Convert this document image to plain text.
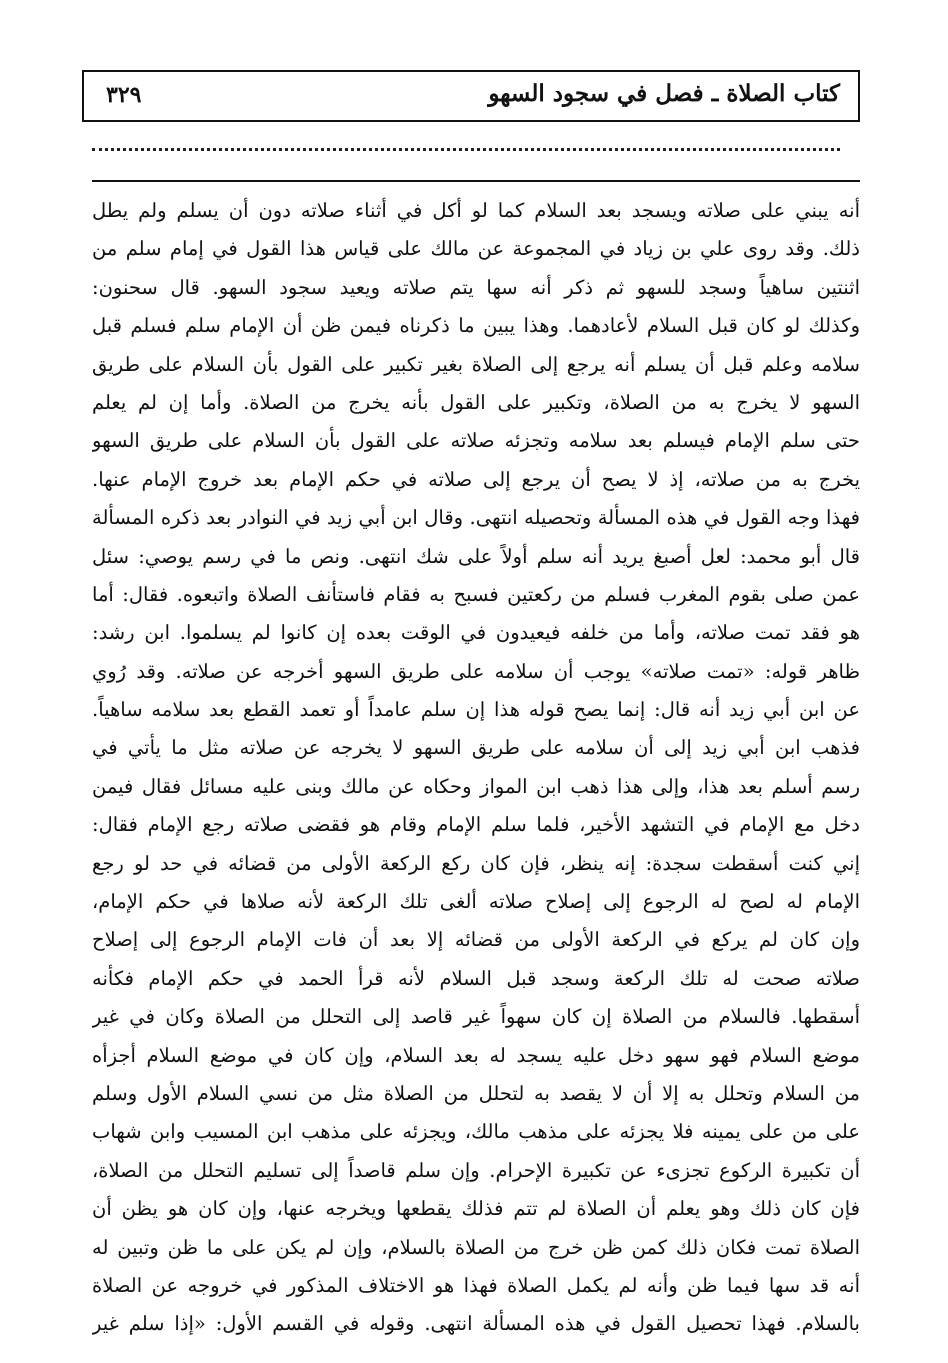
كتاب الصلاة ـ فصل في سجود السهو
٣٢٩
أنه يبني على صلاته ويسجد بعد السلام كما لو أكل في أثناء صلاته دون أن يسلم ولم يطل
ذلك. وقد روى علي بن زياد في المجموعة عن مالك على قياس هذا القول في إمام سلم من
اثنتين ساهياً وسجد للسهو ثم ذكر أنه سها يتم صلاته ويعيد سجود السهو. قال سحنون:
وكذلك لو كان قبل السلام لأعادهما. وهذا يبين ما ذكرناه فيمن ظن أن الإمام سلم فسلم قبل
سلامه وعلم قبل أن يسلم أنه يرجع إلى الصلاة بغير تكبير على القول بأن السلام على طريق
السهو لا يخرج به من الصلاة، وتكبير على القول بأنه يخرج من الصلاة. وأما إن لم يعلم
حتى سلم الإمام فيسلم بعد سلامه وتجزئه صلاته على القول بأن السلام على طريق السهو
يخرج به من صلاته، إذ لا يصح أن يرجع إلى صلاته في حكم الإمام بعد خروج الإمام عنها.
فهذا وجه القول في هذه المسألة وتحصيله انتهى. وقال ابن أبي زيد في النوادر بعد ذكره المسألة
قال أبو محمد: لعل أصبغ يريد أنه سلم أولاً على شك انتهى. ونص ما في رسم يوصي: سئل
عمن صلى بقوم المغرب فسلم من ركعتين فسبح به فقام فاستأنف الصلاة واتبعوه. فقال: أما
هو فقد تمت صلاته، وأما من خلفه فيعيدون في الوقت بعده إن كانوا لم يسلموا. ابن رشد:
ظاهر قوله: «تمت صلاته» يوجب أن سلامه على طريق السهو أخرجه عن صلاته. وقد رُوي
عن ابن أبي زيد أنه قال: إنما يصح قوله هذا إن سلم عامداً أو تعمد القطع بعد سلامه ساهياً.
فذهب ابن أبي زيد إلى أن سلامه على طريق السهو لا يخرجه عن صلاته مثل ما يأتي في
رسم أسلم بعد هذا، وإلى هذا ذهب ابن المواز وحكاه عن مالك وبنى عليه مسائل فقال فيمن
دخل مع الإمام في التشهد الأخير، فلما سلم الإمام وقام هو فقضى صلاته رجع الإمام فقال:
إني كنت أسقطت سجدة: إنه ينظر، فإن كان ركع الركعة الأولى من قضائه في حد لو رجع
الإمام له لصح له الرجوع إلى إصلاح صلاته ألغى تلك الركعة لأنه صلاها في حكم الإمام،
وإن كان لم يركع في الركعة الأولى من قضائه إلا بعد أن فات الإمام الرجوع إلى إصلاح
صلاته صحت له تلك الركعة وسجد قبل السلام لأنه قرأ الحمد في حكم الإمام فكأنه
أسقطها. فالسلام من الصلاة إن كان سهواً غير قاصد إلى التحلل من الصلاة وكان في غير
موضع السلام فهو سهو دخل عليه يسجد له بعد السلام، وإن كان في موضع السلام أجزأه
من السلام وتحلل به إلا أن لا يقصد به لتحلل من الصلاة مثل من نسي السلام الأول وسلم
على من على يمينه فلا يجزئه على مذهب مالك، ويجزئه على مذهب ابن المسيب وابن شهاب
أن تكبيرة الركوع تجزىء عن تكبيرة الإحرام. وإن سلم قاصداً إلى تسليم التحلل من الصلاة،
فإن كان ذلك وهو يعلم أن الصلاة لم تتم فذلك يقطعها ويخرجه عنها، وإن كان هو يظن أن
الصلاة تمت فكان ذلك كمن ظن خرج من الصلاة بالسلام، وإن لم يكن على ما ظن وتبين له
أنه قد سها فيما ظن وأنه لم يكمل الصلاة فهذا هو الاختلاف المذكور في خروجه عن الصلاة
بالسلام. فهذا تحصيل القول في هذه المسألة انتهى. وقوله في القسم الأول: «إذا سلم غير
